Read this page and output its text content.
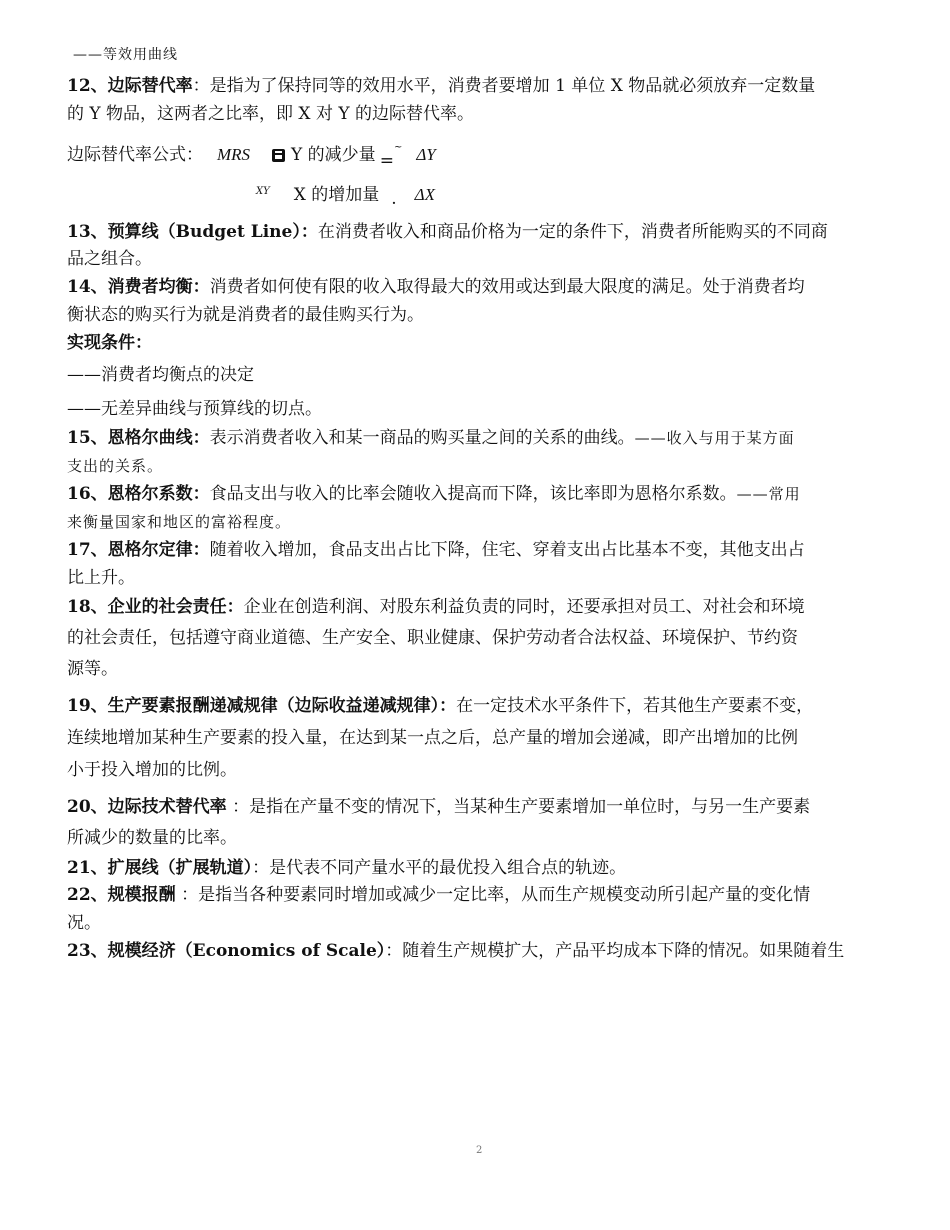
——等效用曲线
12、边际替代率：是指为了保持同等的效用水平，消费者要增加 1 单位 X 物品就必须放弃一定数量
的 Y 物品，这两者之比率，即 X 对 Y 的边际替代率。
边际替代率公式： MRS Y 的减少量 =~ ΔY
$^{XY}$ X 的增加量 . ΔX
13、预算线（Budget Line）：在消费者收入和商品价格为一定的条件下，消费者所能购买的不同商
品之组合。
14、消费者均衡：消费者如何使有限的收入取得最大的效用或达到最大限度的满足。处于消费者均
衡状态的购买行为就是消费者的最佳购买行为。
实现条件：
——消费者均衡点的决定
——无差异曲线与预算线的切点。
15、恩格尔曲线：表示消费者收入和某一商品的购买量之间的关系的曲线。——收入与用于某方面
支出的关系。
16、恩格尔系数：食品支出与收入的比率会随收入提高而下降，该比率即为恩格尔系数。——常用
来衡量国家和地区的富裕程度。
17、恩格尔定律：随着收入增加，食品支出占比下降，住宅、穿着支出占比基本不变，其他支出占
比上升。
18、企业的社会责任：企业在创造利润、对股东利益负责的同时，还要承担对员工、对社会和环境
的社会责任，包括遵守商业道德、生产安全、职业健康、保护劳动者合法权益、环境保护、节约资
源等。
19、生产要素报酬递减规律（边际收益递减规律）：在一定技术水平条件下，若其他生产要素不变，
连续地增加某种生产要素的投入量，在达到某一点之后，总产量的增加会递减，即产出增加的比例
小于投入增加的比例。
20、边际技术替代率 ：是指在产量不变的情况下，当某种生产要素增加一单位时，与另一生产要素
所减少的数量的比率。
21、扩展线（扩展轨道）：是代表不同产量水平的最优投入组合点的轨迹。
22、规模报酬 ：是指当各种要素同时增加或减少一定比率，从而生产规模变动所引起产量的变化情
况。
23、规模经济（Economics of Scale）：随着生产规模扩大，产品平均成本下降的情况。如果随着生
2
